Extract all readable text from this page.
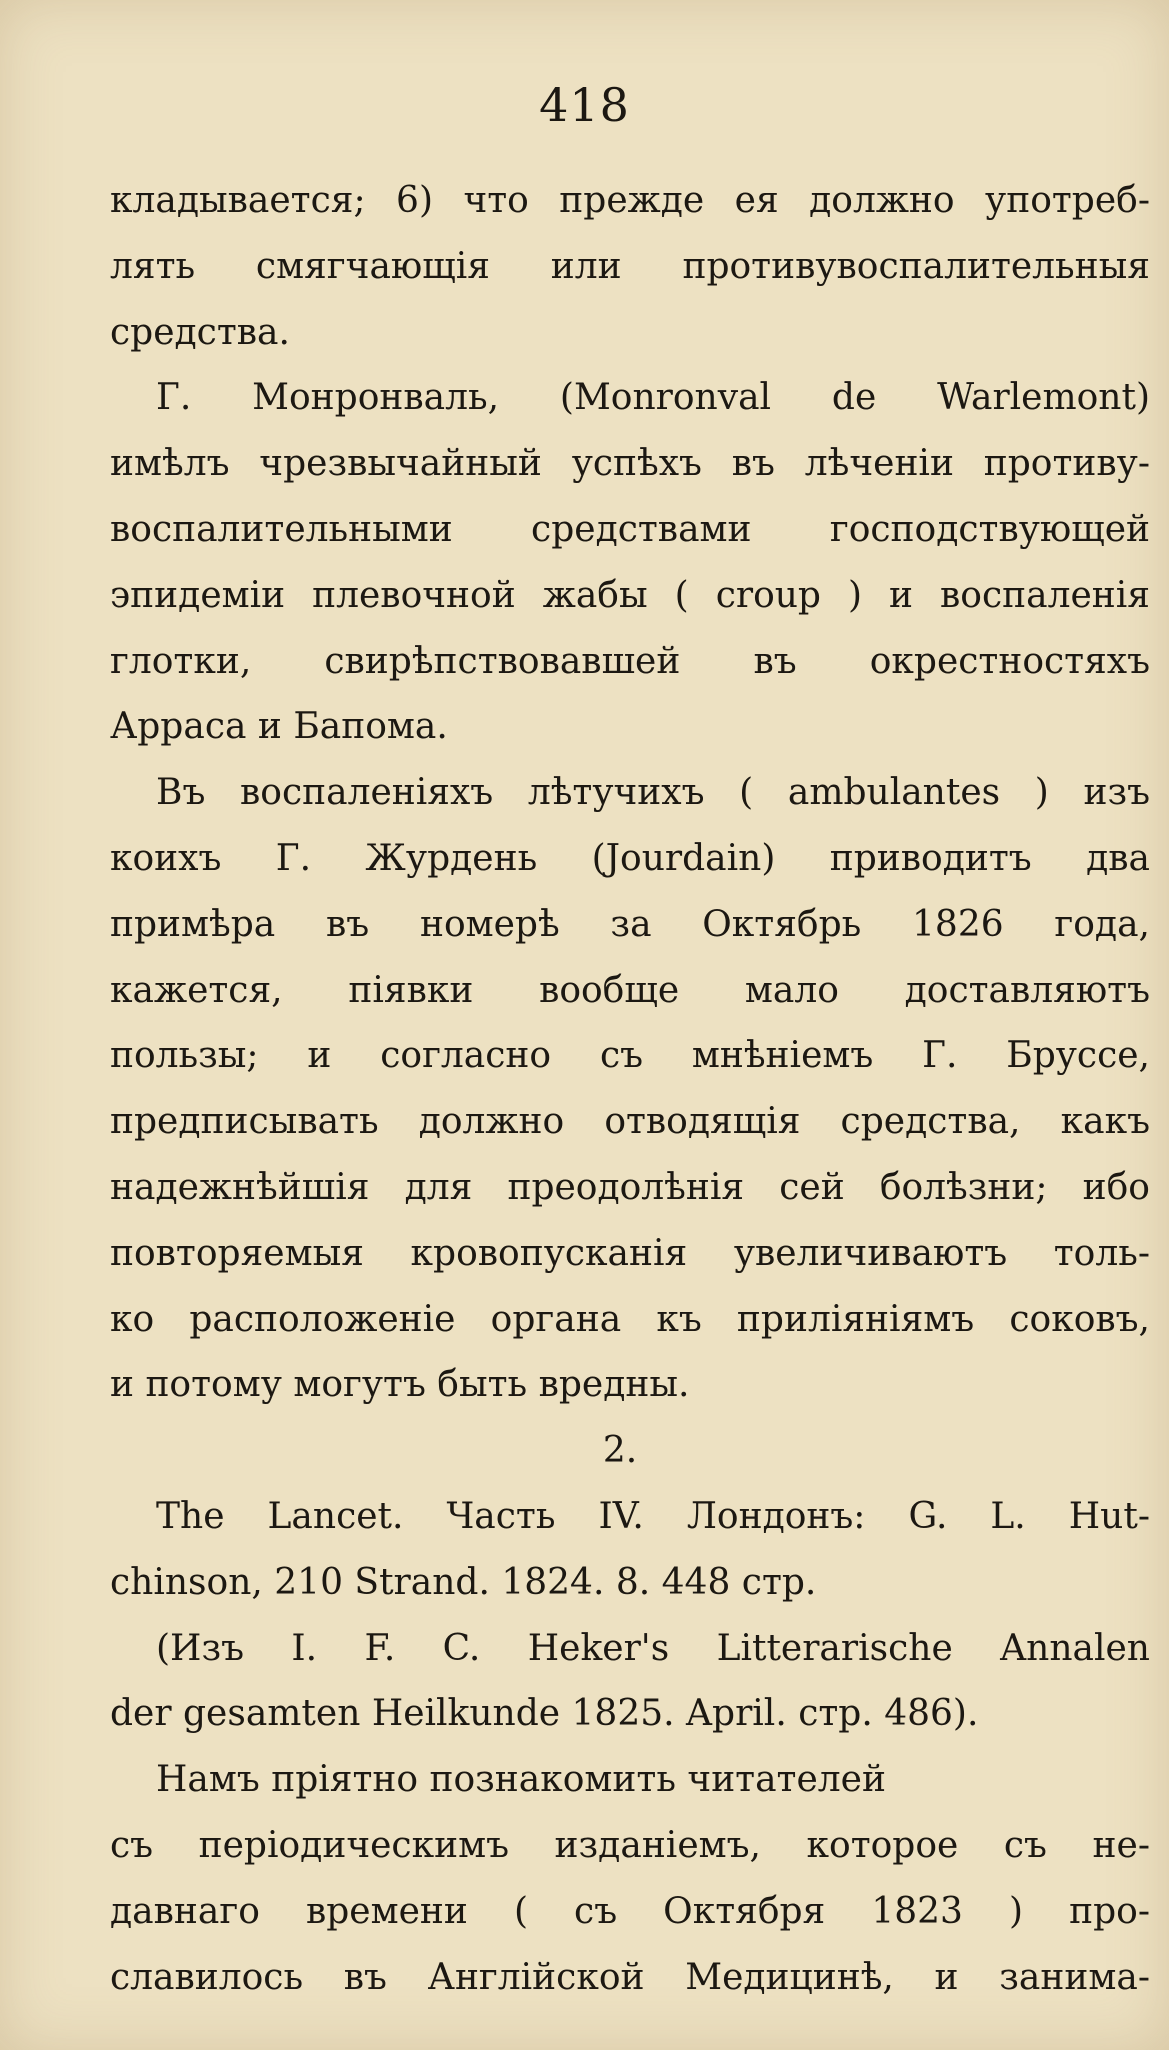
418
кладывается; 6) что прежде ея должно употреб-
лять смягчающія или противувоспалительныя
средства.
Г. Монронваль, (Monronval de Warlemont)
имѣлъ чрезвычайный успѣхъ въ лѣченіи противу-
воспалительными средствами господствующей
эпидеміи плевочной жабы ( croup ) и воспаленія
глотки, свирѣпствовавшей въ окрестностяхъ
Арраса и Бапома.
Въ воспаленіяхъ лѣтучихъ ( ambulantes ) изъ
коихъ Г. Журдень (Jourdain) приводитъ два
примѣра въ номерѣ за Октябрь 1826 года,
кажется, піявки вообще мало доставляютъ
пользы; и согласно съ мнѣніемъ Г. Бруссе,
предписывать должно отводящія средства, какъ
надежнѣйшія для преодолѣнія сей болѣзни; ибо
повторяемыя кровопусканія увеличиваютъ толь-
ко расположеніе органа къ приліяніямъ соковъ,
и потому могутъ быть вредны.
2.
The Lancet. Часть IV. Лондонъ: G. L. Hut-
chinson, 210 Strand. 1824. 8. 448 стр.
(Изъ I. F. C. Heker's Litterarische Annalen
der gesamten Heilkunde 1825. April. стр. 486).
Намъ пріятно познакомить читателей
съ періодическимъ изданіемъ, которое съ не-
давнаго времени ( съ Октября 1823 ) про-
славилось въ Англійской Медицинѣ, и занима-
